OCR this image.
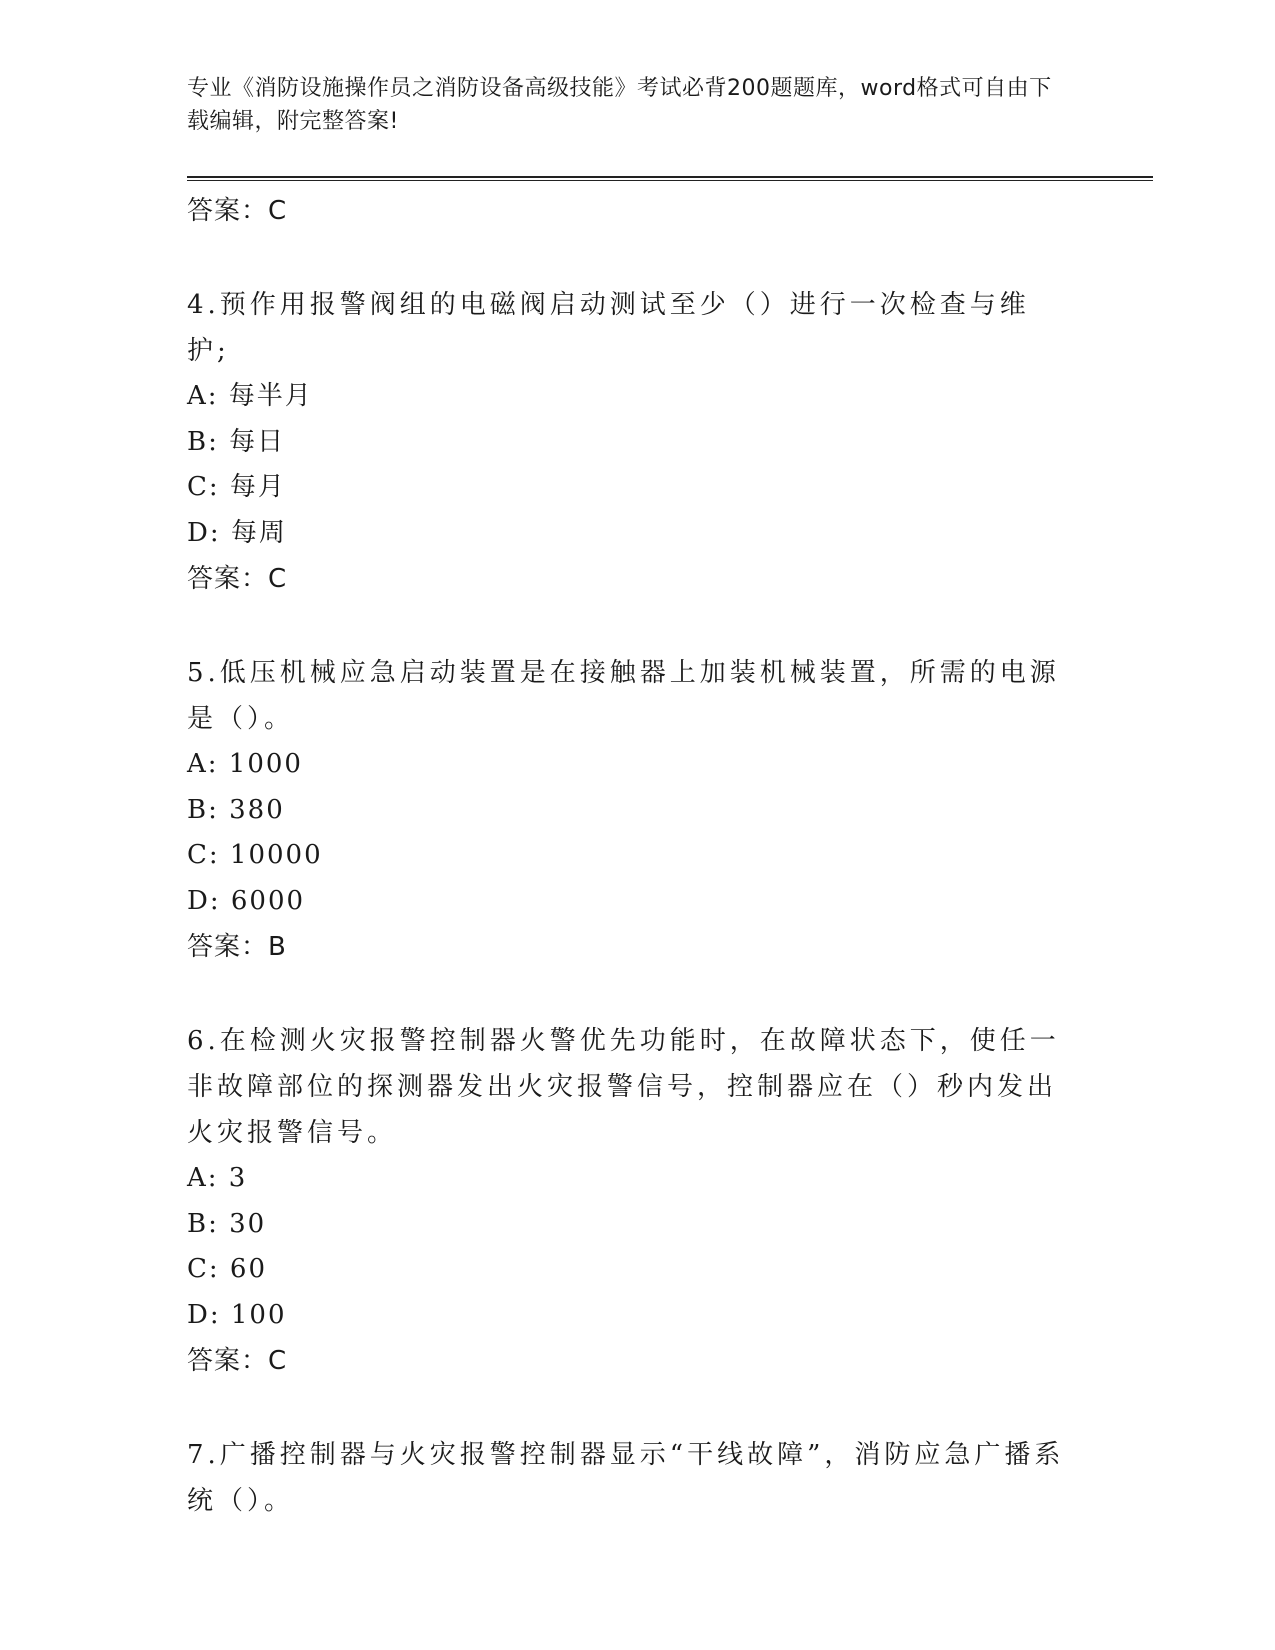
专业《消防设施操作员之消防设备高级技能》考试必背200题题库，word格式可自由下载编辑，附完整答案!
答案：C
4.预作用报警阀组的电磁阀启动测试至少（）进行一次检查与维护;
A: 每半月
B: 每日
C: 每月
D: 每周
答案：C
5.低压机械应急启动装置是在接触器上加装机械装置，所需的电源是（）。
A: 1000
B: 380
C: 10000
D: 6000
答案：B
6.在检测火灾报警控制器火警优先功能时，在故障状态下，使任一非故障部位的探测器发出火灾报警信号，控制器应在（）秒内发出火灾报警信号。
A: 3
B: 30
C: 60
D: 100
答案：C
7.广播控制器与火灾报警控制器显示“干线故障”，消防应急广播系统（）。
